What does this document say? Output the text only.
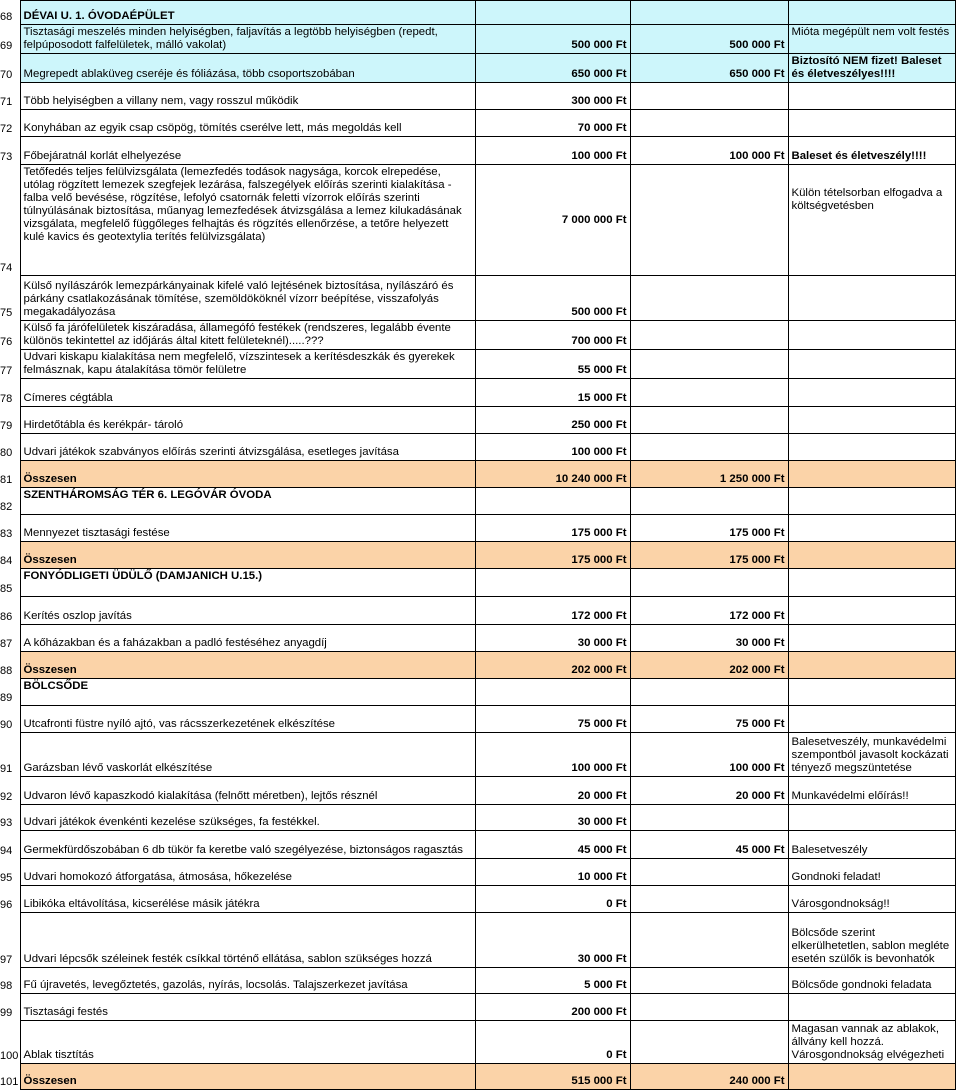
68	DÉVAI U. 1. ÓVODAÉPÜLET			
69	Tisztasági meszelés minden helyiségben, faljavítás a legtöbb helyiségben (repedt, felpúposodott falfelületek, málló vakolat)	500 000 Ft	500 000 Ft	Mióta megépült nem volt festés
70	Megrepedt ablaküveg cseréje és fóliázása, több csoportszobában	650 000 Ft	650 000 Ft	Biztosító NEM fizet! Baleset és életveszélyes!!!!
71	Több helyiségben a villany nem, vagy rosszul működik	300 000 Ft		
72	Konyhában az egyik csap csöpög, tömítés cserélve lett, más megoldás kell	70 000 Ft		
73	Főbejáratnál korlát elhelyezése	100 000 Ft	100 000 Ft	Baleset és életveszély!!!!
74	Tetőfedés teljes felülvizsgálata (lemezfedés todások nagysága, korcok elrepedése, utólag rögzített lemezek szegfejek lezárása, falszegélyek előírás szerinti kialakítása - falba velő bevésése, rögzítése, lefolyó csatornák feletti vízorrok előírás szerinti túlnyúlásának biztosítása, műanyag lemezfedések átvizsgálása a lemez kilukadásának vizsgálata, megfelelő függőleges felhajtás és rögzítés ellenőrzése, a tetőre helyezett kulé kavics és geotextylia terítés felülvizsgálata)	7 000 000 Ft		Külön tételsorban elfogadva a költségvetésben
75	Külső nyílászárók lemezpárkányainak kifelé való lejtésének biztosítása, nyílászáró és párkány csatlakozásának tömítése, szemöldököknél vízorr beépítése, visszafolyás megakadályozása	500 000 Ft		
76	Külső fa járófelületek kiszáradása, államegófó festékek (rendszeres, legalább évente különös tekintettel az időjárás által kitett felületeknél).....???	700 000 Ft		
77	Udvari kiskapu kialakítása nem megfelelő, vízszintesek a kerítésdeszkák és gyerekek felmásznak, kapu átalakítása tömör felületre	55 000 Ft		
78	Címeres cégtábla	15 000 Ft		
79	Hirdetőtábla és kerékpár- tároló	250 000 Ft		
80	Udvari játékok szabványos előírás szerinti átvizsgálása, esetleges javítása	100 000 Ft		
81	Összesen	10 240 000 Ft	1 250 000 Ft	
82	SZENTHÁROMSÁG TÉR 6. LEGÓVÁR ÓVODA			
83	Mennyezet tisztasági festése	175 000 Ft	175 000 Ft	
84	Összesen	175 000 Ft	175 000 Ft	
85	FONYÓDLIGETI ÜDÜLŐ (DAMJANICH U.15.)			
86	Kerítés oszlop javítás	172 000 Ft	172 000 Ft	
87	A kőházakban és a faházakban a padló festéséhez anyagdíj	30 000 Ft	30 000 Ft	
88	Összesen	202 000 Ft	202 000 Ft	
89	BÖLCSŐDE			
90	Utcafronti füstre nyíló ajtó, vas rácsszerkezetének elkészítése	75 000 Ft	75 000 Ft	
91	Garázsban lévő vaskorlát elkészítése	100 000 Ft	100 000 Ft	Balesetveszély, munkavédelmi szempontból javasolt kockázati tényező megszüntetése
92	Udvaron lévő kapaszkodó kialakítása (felnőtt méretben), lejtős résznél	20 000 Ft	20 000 Ft	Munkavédelmi előírás!!
93	Udvari játékok évenkénti kezelése szükséges, fa festékkel.	30 000 Ft		
94	Germekfürdőszobában 6 db tükör fa keretbe való szegélyezése, biztonságos ragasztás	45 000 Ft	45 000 Ft	Balesetveszély
95	Udvari homokozó átforgatása, átmosása, hőkezelése	10 000 Ft		Gondnoki feladat!
96	Libikóka eltávolítása, kicserélése másik játékra	0 Ft		Városgondnokság!!
97	Udvari lépcsők széleinek festék csíkkal történő ellátása, sablon szükséges hozzá	30 000 Ft		Bölcsőde szerint elkerülhetetlen, sablon megléte esetén szülők is bevonhatók
98	Fű újravetés, levegőztetés, gazolás, nyírás, locsolás. Talajszerkezet javítása	5 000 Ft		Bölcsőde gondnoki feladata
99	Tisztasági festés	200 000 Ft		
100	Ablak tisztítás	0 Ft		Magasan vannak az ablakok, állvány kell hozzá. Városgondnokság elvégezheti
101	Összesen	515 000 Ft	240 000 Ft	
